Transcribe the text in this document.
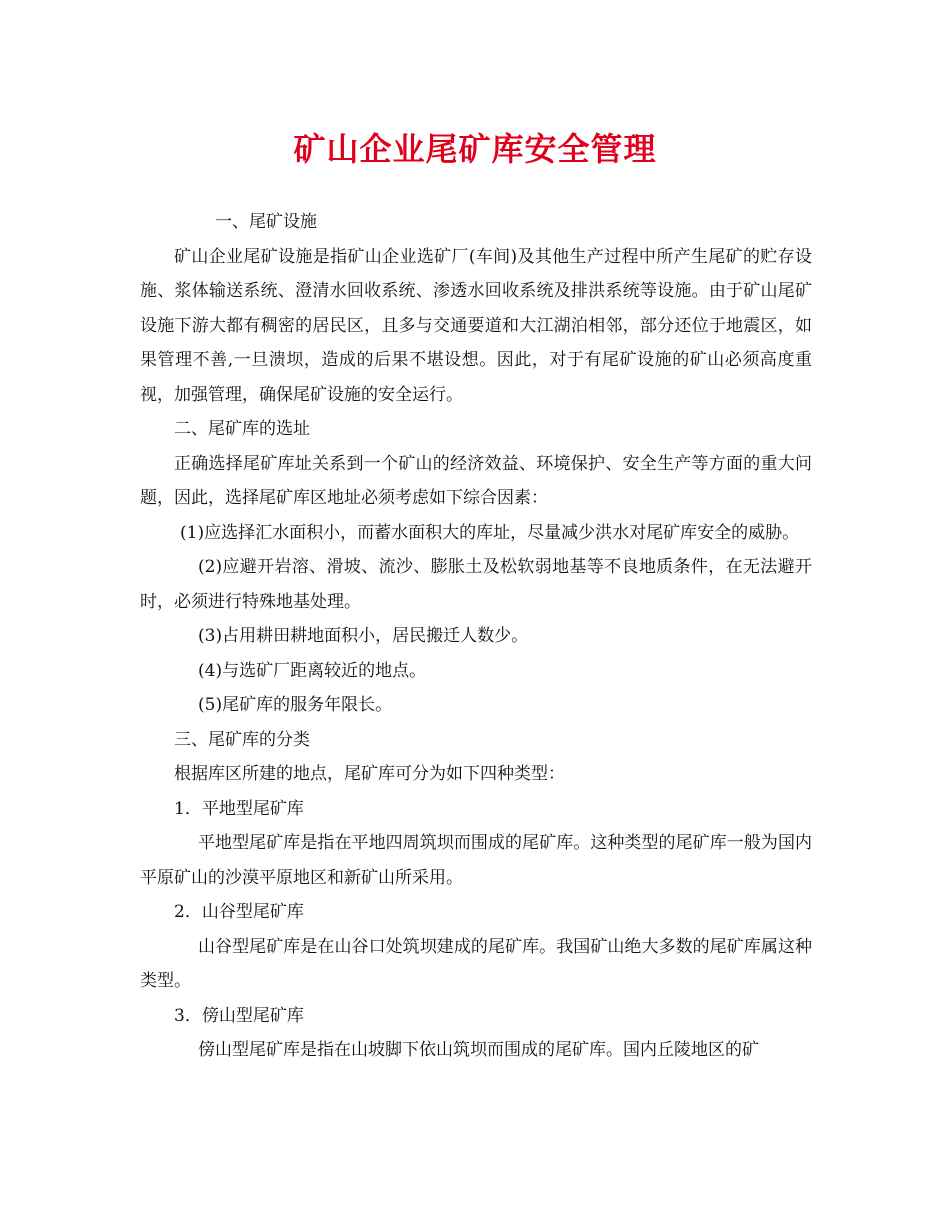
矿山企业尾矿库安全管理

一、尾矿设施

矿山企业尾矿设施是指矿山企业选矿厂(车间)及其他生产过程中所产生尾矿的贮存设施、浆体输送系统、澄清水回收系统、渗透水回收系统及排洪系统等设施。由于矿山尾矿设施下游大都有稠密的居民区，且多与交通要道和大江湖泊相邻，部分还位于地震区，如果管理不善,一旦溃坝，造成的后果不堪设想。因此，对于有尾矿设施的矿山必须高度重视，加强管理，确保尾矿设施的安全运行。

二、尾矿库的选址

正确选择尾矿库址关系到一个矿山的经济效益、环境保护、安全生产等方面的重大问题，因此，选择尾矿库区地址必须考虑如下综合因素：

(1)应选择汇水面积小，而蓄水面积大的库址，尽量减少洪水对尾矿库安全的威胁。

(2)应避开岩溶、滑坡、流沙、膨胀土及松软弱地基等不良地质条件，在无法避开时，必须进行特殊地基处理。

(3)占用耕田耕地面积小，居民搬迁人数少。

(4)与选矿厂距离较近的地点。

(5)尾矿库的服务年限长。

三、尾矿库的分类

根据库区所建的地点，尾矿库可分为如下四种类型：

1．平地型尾矿库

平地型尾矿库是指在平地四周筑坝而围成的尾矿库。这种类型的尾矿库一般为国内平原矿山的沙漠平原地区和新矿山所采用。

2．山谷型尾矿库

山谷型尾矿库是在山谷口处筑坝建成的尾矿库。我国矿山绝大多数的尾矿库属这种类型。

3．傍山型尾矿库

傍山型尾矿库是指在山坡脚下依山筑坝而围成的尾矿库。国内丘陵地区的矿
